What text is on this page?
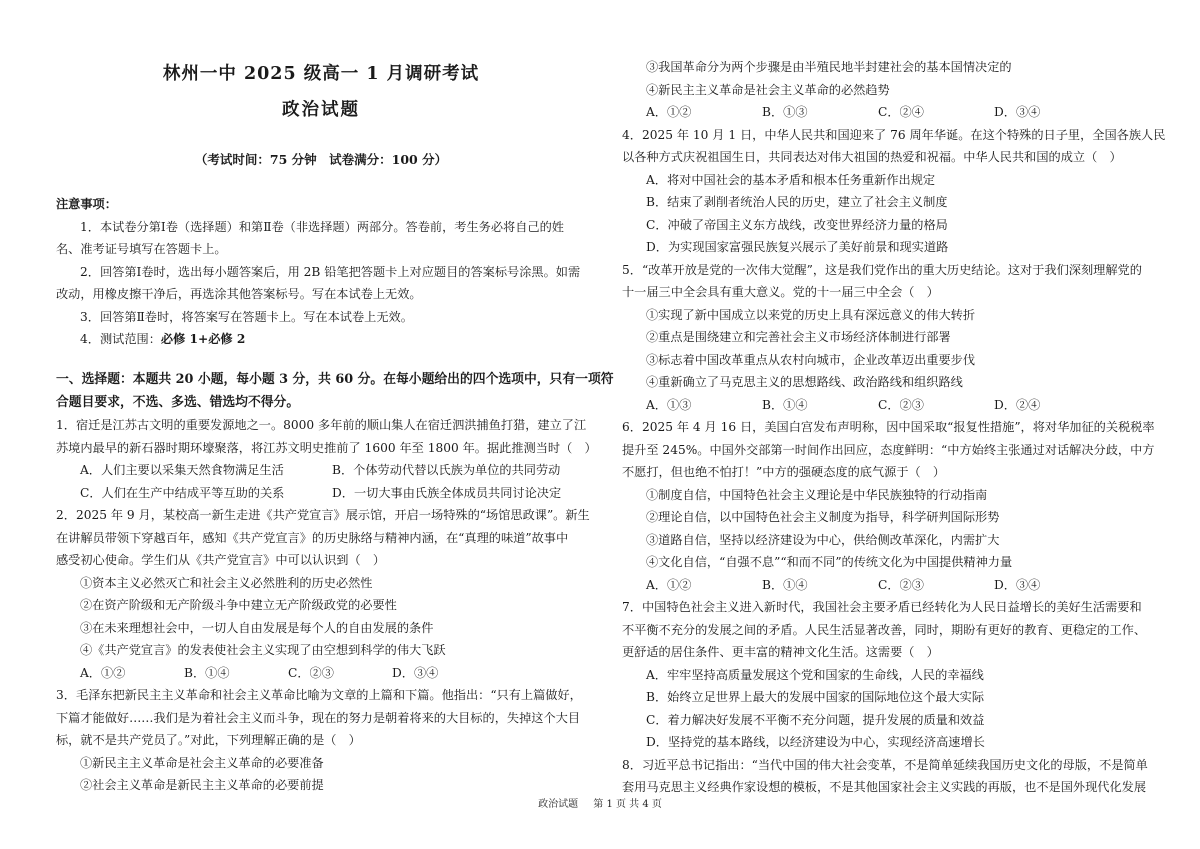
林州一中 2025 级高一 1 月调研考试
政治试题
（考试时间：75 分钟　试卷满分：100 分）

注意事项：

1．本试卷分第Ⅰ卷（选择题）和第Ⅱ卷（非选择题）两部分。答卷前，考生务必将自己的姓

名、准考证号填写在答题卡上。

2．回答第Ⅰ卷时，选出每小题答案后，用 2B 铅笔把答题卡上对应题目的答案标号涂黑。如需

改动，用橡皮擦干净后，再选涂其他答案标号。写在本试卷上无效。

3．回答第Ⅱ卷时，将答案写在答题卡上。写在本试卷上无效。

4．测试范围：必修 1+必修 2

一、选择题：本题共 20 小题，每小题 3 分，共 60 分。在每小题给出的四个选项中，只有一项符

合题目要求，不选、多选、错选均不得分。

1．宿迁是江苏古文明的重要发源地之一。8000 多年前的顺山集人在宿迁泗洪捕鱼打猎，建立了江

苏境内最早的新石器时期环壕聚落，将江苏文明史推前了 1600 年至 1800 年。据此推测当时（　）

A．人们主要以采集天然食物满足生活	B．个体劳动代替以氏族为单位的共同劳动
C．人们在生产中结成平等互助的关系	D．一切大事由氏族全体成员共同讨论决定

2．2025 年 9 月，某校高一新生走进《共产党宣言》展示馆，开启一场特殊的“场馆思政课”。新生

在讲解员带领下穿越百年，感知《共产党宣言》的历史脉络与精神内涵，在“真理的味道”故事中

感受初心使命。学生们从《共产党宣言》中可以认识到（　）

①资本主义必然灭亡和社会主义必然胜利的历史必然性

②在资产阶级和无产阶级斗争中建立无产阶级政党的必要性

③在未来理想社会中，一切人自由发展是每个人的自由发展的条件

④《共产党宣言》的发表使社会主义实现了由空想到科学的伟大飞跃

A．①②	B．①④	C．②③	D．③④

3．毛泽东把新民主主义革命和社会主义革命比喻为文章的上篇和下篇。他指出：“只有上篇做好，

下篇才能做好……我们是为着社会主义而斗争，现在的努力是朝着将来的大目标的，失掉这个大目

标，就不是共产党员了。”对此，下列理解正确的是（　）

①新民主主义革命是社会主义革命的必要准备

②社会主义革命是新民主主义革命的必要前提

③我国革命分为两个步骤是由半殖民地半封建社会的基本国情决定的

④新民主主义革命是社会主义革命的必然趋势

A．①②	B．①③	C．②④	D．③④

4．2025 年 10 月 1 日，中华人民共和国迎来了 76 周年华诞。在这个特殊的日子里，全国各族人民

以各种方式庆祝祖国生日，共同表达对伟大祖国的热爱和祝福。中华人民共和国的成立（　）

A．将对中国社会的基本矛盾和根本任务重新作出规定

B．结束了剥削者统治人民的历史，建立了社会主义制度

C．冲破了帝国主义东方战线，改变世界经济力量的格局

D．为实现国家富强民族复兴展示了美好前景和现实道路

5．“改革开放是党的一次伟大觉醒”，这是我们党作出的重大历史结论。这对于我们深刻理解党的

十一届三中全会具有重大意义。党的十一届三中全会（　）

①实现了新中国成立以来党的历史上具有深远意义的伟大转折

②重点是围绕建立和完善社会主义市场经济体制进行部署

③标志着中国改革重点从农村向城市，企业改革迈出重要步伐

④重新确立了马克思主义的思想路线、政治路线和组织路线

A．①③	B．①④	C．②③	D．②④

6．2025 年 4 月 16 日，美国白宫发布声明称，因中国采取“报复性措施”，将对华加征的关税税率

提升至 245%。中国外交部第一时间作出回应，态度鲜明：“中方始终主张通过对话解决分歧，中方

不愿打，但也绝不怕打！”中方的强硬态度的底气源于（　）

①制度自信，中国特色社会主义理论是中华民族独特的行动指南

②理论自信，以中国特色社会主义制度为指导，科学研判国际形势

③道路自信，坚持以经济建设为中心，供给侧改革深化，内需扩大

④文化自信，“自强不息”“和而不同”的传统文化为中国提供精神力量

A．①②	B．①④	C．②③	D．③④

7．中国特色社会主义进入新时代，我国社会主要矛盾已经转化为人民日益增长的美好生活需要和

不平衡不充分的发展之间的矛盾。人民生活显著改善，同时，期盼有更好的教育、更稳定的工作、

更舒适的居住条件、更丰富的精神文化生活。这需要（　）

A．牢牢坚持高质量发展这个党和国家的生命线，人民的幸福线

B．始终立足世界上最大的发展中国家的国际地位这个最大实际

C．着力解决好发展不平衡不充分问题，提升发展的质量和效益

D．坚持党的基本路线，以经济建设为中心，实现经济高速增长

8．习近平总书记指出：“当代中国的伟大社会变革，不是简单延续我国历史文化的母版，不是简单

套用马克思主义经典作家设想的模板，不是其他国家社会主义实践的再版，也不是国外现代化发展

政治试题 第 1 页 共 4 页
